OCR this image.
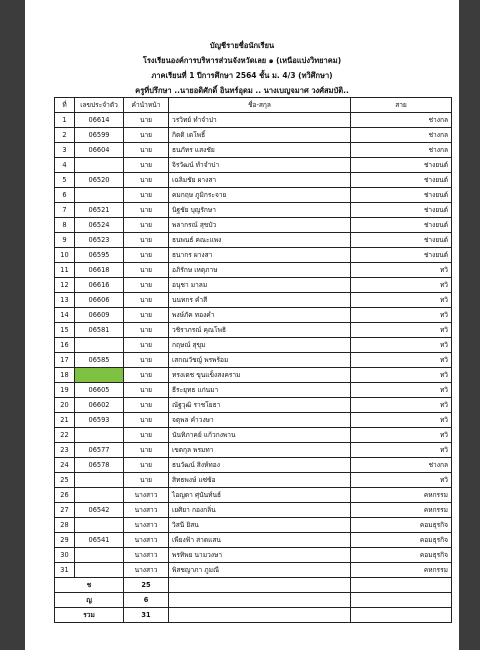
บัญชีรายชื่อนักเรียน
โรงเรียนองค์การบริหารส่วนจังหวัดเลย ๑ (เหนือแบ่งวิทยาคม)
ภาคเรียนที่ 1 ปีการศึกษา 2564 ชั้น ม. 4/3 (ทวิศึกษา)
ครูที่ปรึกษา ..นายอดิศักดิ์ อินทร์อุดม .. นางเบญจมาศ วงศ์สมบัติ..
ที่	เลขประจำตัว	คำนำหน้า	ชื่อ-สกุล	สาย
1	06614	นาย	วรวิทย์ ทำจำปา	ช่างกล
2	06599	นาย	กิตติ เดโพธิ์	ช่างกล
3	06604	นาย	ธนภัทร แสงชัย	ช่างกล
4		นาย	จิรวัฒน์ ทำจำปา	ช่างยนต์
5	06520	นาย	เฉลิมชัย ผางสา	ช่างยนต์
6		นาย	คมกฤษ ภูมิกระจาย	ช่างยนต์
7	06521	นาย	นิฐชัย บุญรักษา	ช่างยนต์
8	06524	นาย	พลากรณ์ สุขบัว	ช่างยนต์
9	06523	นาย	ธนพนธ์ คณะแพง	ช่างยนต์
10	06595	นาย	ธนากร ผางสา	ช่างยนต์
11	06618	นาย	อภิรักษ เหตุภาษ	ทวิ
12	06616	นาย	อนุชา มาลม	ทวิ
13	06606	นาย	นนทกร คำสี	ทวิ
14	06609	นาย	พงษ์ภัค ทองคำ	ทวิ
15	06581	นาย	วชิราภรณ์ คุณโพธิ	ทวิ
16		นาย	กฤษณ์ สุขุม	ทวิ
17	06585	นาย	เสกณวัชญ์ พรพร้อม	ทวิ
18		นาย	ทรงเดช ขุนแข็งสงคราม	ทวิ
19	06605	นาย	ธีระยุทธ แก่นมา	ทวิ
20	06602	นาย	ณัฐวุฒิ ราชโยธา	ทวิ
21	06593	นาย	จตุพล คำวงษา	ทวิ
22		นาย	นันทิภาคย์ แก้วกงพาน	ทวิ
23	06577	นาย	เขตกุล พรมทา	ทวิ
24	06578	นาย	ธนวัฒน์ สิงห์ทอง	ช่างกล
25		นาย	สิทธพงษ์ แซ่ซ้อ	ทวิ
26		นางสาว	ไอญดา ศุนันท์นธ์	คหกรรม
27	06542	นางสาว	เยศิยา กองกลิ่น	คหกรรม
28		นางสาว	วิสนี ยิสน	คอมธุรกิจ
29	06541	นางสาว	เพียงฟ้า สาดแสน	คอมธุรกิจ
30		นางสาว	พรทิพย นามวงษา	คอมธุรกิจ
31		นางสาว	พิสชญาภา ภูมณี	คหกรรม
ช		25		
ญ		6		
รวม		31		
